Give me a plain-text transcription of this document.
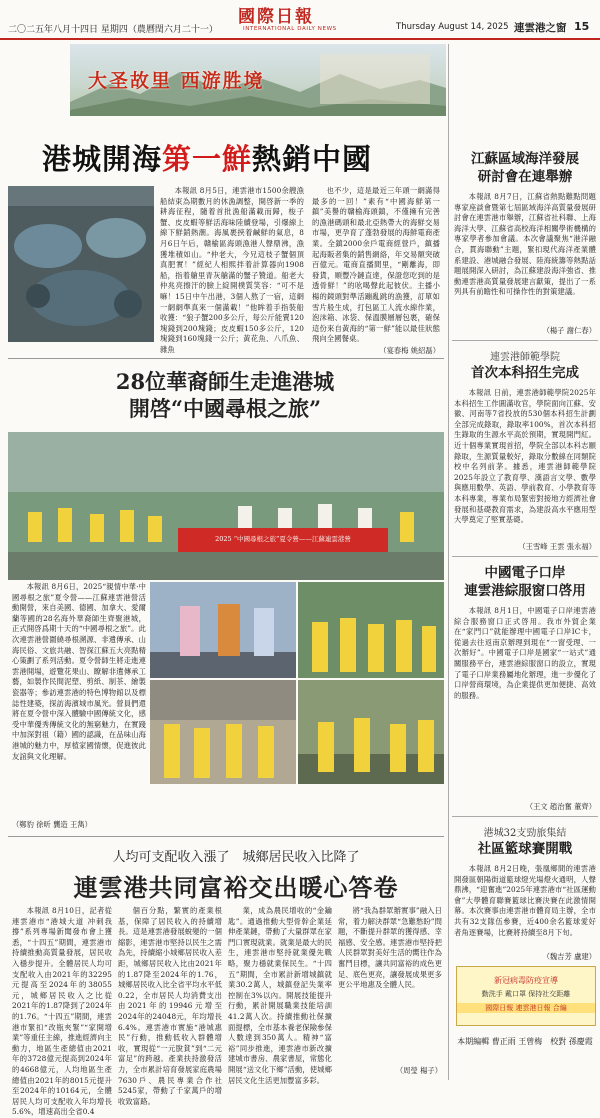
二〇二五年八月十四日 星期四（農曆閏六月二十一）
國際日報
INTERNATIONAL DAILY NEWS	Thursday August 14, 2025 連雲港之窗 15
大圣故里 西游胜境
港城開海第一鮮熱銷中國

本報訊 8月5日，連雲港市1500余艘漁船結束為期數月的休漁調整，開啓新一季的耕海征程，隨着首批漁船滿載而歸，梭子蟹、皮皮蝦等鮮活海味陸續登場，引爆線上線下鮮銷熱潮。海風裹挾着鹹鮮的氣息，8月6日午后，贛榆區海頭漁港人聲鼎沸，漁獲堆積如山。“仲老大，今兄這枝子蟹個頂真肥實！”經紀人相熙拌着計算器向1908船，指着艙里青灰艙滿的蟹子贊道。船老大仲兆亮擦汗的臉上綻開樸質笑容：“可不是嘛！15日中午出港，3個人熬了一宿，這網一網網準真來一個滿載！”他眸着手指裝船收獲：“狼子蟹200多公斤，每公斤能賣120塊錢到200塊錢；皮皮蝦150多公斤，120塊錢到160塊錢一公斤；黃花魚、八爪魚、雜魚

也不少，這是最近三年頭一網滿得最多的一回！”素有“中國海鮮第一鎮”美譽的贛榆海頭鎮，不僅擁有完善的漁港碼頭和最北亞熱帶大的海鮮交易市場，更孕育了蓬勃發展的海鮮電商產業。全鎮2000余戶電商經營戶，鎮播起海販者集的銷售網絡，年交易額突破百億元。電商直播間里，“剛離海，即發貨，順豐冷鏈直達，保證您吃到的是透骨鮮！”的吆喝聲此起彼伏。主播小楊的鏡頭對準活蹦亂跳的漁獲，訂單如雪片般生成，打包區工人流水線作業，泡沫箱、冰袋、保溫膜層層包裹，確保這份來自黃海的“第一鮮”能以最佳狀態飛向全國餐桌。

（宴春梅 姚紹磊）
28位華裔師生走進港城
開啓“中國尋根之旅”
2025 “中國尋根之旅”夏令營——江蘇連雲港營

本報訊 8月6日，2025“親情中華·中國尋根之旅”夏令營——江蘇連雲港營活動開營，來自美國、德國、加拿大、愛爾蘭等國的28名海外華裔師生齊聚港城，正式開啓爲期十天的“中國尋根之旅”。此次連雲港營圍繞尋根溯源、非遺傳承、山海民俗、文旅共融、智探江蘇五大亮點精心策劃了系列活動。夏令營師生將走進連雲港開場，遊覽花果山、瞭解非遺傳承工藝，如製作民間泥塑、剪紙、制茶、繪製瓷器等；參訪連雲港的特色博物館以及標誌性建築，探訪海濱城市風光。營員們還將在夏令營中深入體驗中國傳統文化，感受中華優秀傳統文化的無窮魅力，在實踐中加深對祖（籍）國的認識，在品味山海港城的魅力中，厚植家國情懷，促進彼此友誼與文化理解。

（鄭豹 徐昕 龔造 王雋）
人均可支配收入漲了　城鄉居民收入比降了
連雲港共同富裕交出暖心答卷

本報訊 8月10日，記者從連雲港市“港城大道 冲刺我撐”系列專場新聞發布會上獲悉，“十四五”期間，連雲港市持續推動高質量發展，居民收入穩步提升。全體居民人均可支配收入由2021年的32295元提高至2024年的38055元，城鄉居民收入之比從2021年的1.87降到了2024年的1.76。“十四五”期間，連雲港市緊扣“改瓶夾緊”“家開增業”等重任主線，推進經濟向主動力，地區生產總值由2021年的3728億元提高到2024年的4668億元，人均地區生產總值由2021年的8015元提升至2024年的10164元，全體居民人均可支配收入年均增長5.6%，增速高出全省0.4

個百分點，繁實的產業根基，保障了居民收入的持續增長。這是連雲港發展蛻變的一個縮影，連雲港市堅持以民生之需為先，持續縮小城鄉居民收入差距，城鄉居民收入比由2021年的1.87降至2024年的1.76，城鄉居民收入比全省平均水平低0.22，全市居民人均消費支出由2021年的19946元增至2024年的24048元，年均增長6.4%。連雲港市實施“港城惠民”行動，推動低收入群體增收，實現從“一元脫貧”到“二元富足”的跨越。產業扶持激發活力，全市累計培育發展家庭農場7630戶、農民專業合作社5245家，帶動了千家萬戶的增收致富路。

業，成為農民增收的“金鑰匙”。通過推動大型骨幹企業延伸產業鏈，帶動了大量群眾在家門口實現就業。就業是最大的民生，連雲港市堅持就業優先戰略，聚力穩就業保民生。“十四五”期間，全市累計新增城鎮就業30.2萬人，城鎮登記失業率控制在3%以內。開展技能提升行動，累計開展職業技能培訓41.2萬人次。持續推動社保擴面提標，全市基本養老保險參保人數達到350萬人。精神“富裕”同步推進，連雲港市新改擴建城市書房、農家書屋，常態化開展“送文化下鄉”活動，使城鄉居民文化生活更加豐富多彩。

將“我為群眾辦實事”融入日常，着力解決群眾“急難愁盼”問題，不斷提升群眾的獲得感、幸福感、安全感。連雲港市堅持把人民群眾對美好生活的嚮往作為奮鬥目標，讓共同富裕的成色更足、底色更亮，讓發展成果更多更公平地惠及全體人民。

（周瑩 楊子）
江蘇區域海洋發展
研討會在連舉辦

本報訊 8月7日，江蘇省熱點難點問題專家座談會暨第七屆區域海洋高質量發展研討會在連雲港市舉辦，江蘇省社科聯、上海海洋大學、江蘇省高校海洋相關學術機構的專家學者參加會議。本次會議聚焦“港洋融合，貫海聯動”主題，緊扣現代海洋產業體系建設、港城融合發展、陸海統籌等熱點話題展開深入研討，為江蘇建設海洋強省、推動連雲港高質量發展建言獻策，提出了一系列具有前瞻性和可操作性的對策建議。

（楊子 謝仁春）
連雲港師範學院
首次本科招生完成

本報訊 日前，連雲港師範學院2025年本科招生工作圓滿收官，學院面向江蘇、安徽、河南等7省投放的530個本科招生計劃全部完成錄取，錄取率100%，首次本科招生錄取的生源水平高於預期，實現開門紅。近十個專業實現首招，學院全部以本科志願錄取，生源質量較好，錄取分數線在同類院校中名列前茅。據悉，連雲港師範學院2025年設立了教育學、漢語言文學、數學與應用數學、英語、學前教育、小學教育等本科專業，專業布局緊密對接地方經濟社會發展和基礎教育需求，為建設高水平應用型大學奠定了堅實基礎。

（王雪峰 王雲 張永福）
中國電子口岸
連雲港綜服窗口啓用

本報訊 8月1日，中國電子口岸連雲港綜合服務窗口正式啓用。我市外貿企業在“家門口”就能辦理中國電子口岸IC卡，從過去往返南京辦理到現在“一窗受理、一次辦好”。中國電子口岸是國家“一站式”通關服務平台，連雲港綜服窗口的設立，實現了電子口岸業務屬地化辦理，進一步優化了口岸營商環境，為企業提供更加便捷、高效的服務。

（王文 趙治奮 董齊）
港城32支勁旅集結
社區籃球賽開戰

本報訊 8月2日晚，張凰鄉間的連雲港開發區朝陽街道籃球燈光場燈火通明，人聲鼎沸，“迎奮進”2025年連雲港市“社區運動會”大學體育聯賽籃球比賽決賽在此激情開幕。本次賽事由連雲港市體育局主辦，全市共有32支隊伍參賽，近400余名籃球愛好者角逐賽場，比賽將持續至8月下旬。

（魏吉芳 盧建）
新冠病毒防疫宣導
勤洗手 戴口罩 保持社交距離
國際日報 連雲港日報 合編
本期編輯 曹正雨 王曾梅　校對 孫慶霞
